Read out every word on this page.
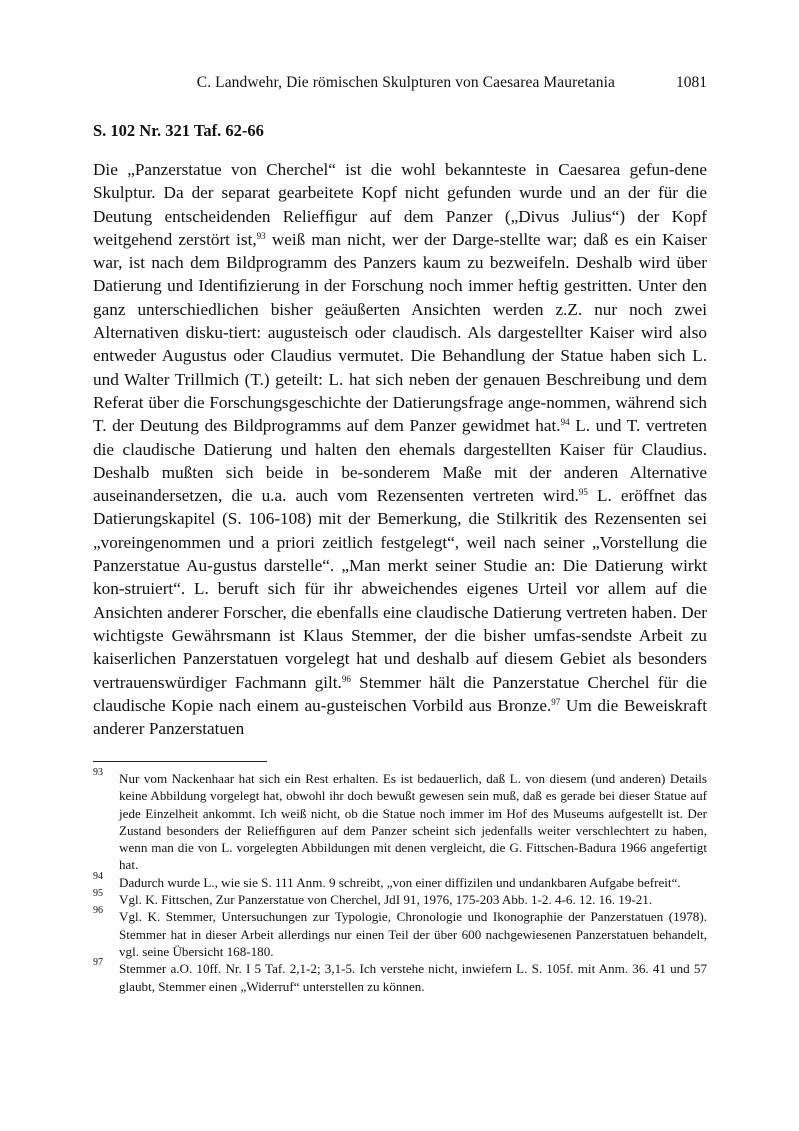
C. Landwehr, Die römischen Skulpturen von Caesarea Mauretania	1081
S. 102 Nr. 321 Taf. 62-66

Die „Panzerstatue von Cherchel“ ist die wohl bekannteste in Caesarea gefun-dene Skulptur. Da der separat gearbeitete Kopf nicht gefunden wurde und an der für die Deutung entscheidenden Reliefﬁgur auf dem Panzer („Divus Julius“) der Kopf weitgehend zerstört ist,$^{93}$ weiß man nicht, wer der Darge-stellte war; daß es ein Kaiser war, ist nach dem Bildprogramm des Panzers kaum zu bezweifeln. Deshalb wird über Datierung und Identiﬁzierung in der Forschung noch immer heftig gestritten. Unter den ganz unterschiedlichen bisher geäußerten Ansichten werden z.Z. nur noch zwei Alternativen disku-tiert: augusteisch oder claudisch. Als dargestellter Kaiser wird also entweder Augustus oder Claudius vermutet. Die Behandlung der Statue haben sich L. und Walter Trillmich (T.) geteilt: L. hat sich neben der genauen Beschreibung und dem Referat über die Forschungsgeschichte der Datierungsfrage ange-nommen, während sich T. der Deutung des Bildprogramms auf dem Panzer gewidmet hat.$^{94}$ L. und T. vertreten die claudische Datierung und halten den ehemals dargestellten Kaiser für Claudius. Deshalb mußten sich beide in be-sonderem Maße mit der anderen Alternative auseinandersetzen, die u.a. auch vom Rezensenten vertreten wird.$^{95}$ L. eröffnet das Datierungskapitel (S. 106-108) mit der Bemerkung, die Stilkritik des Rezensenten sei „voreingenommen und a priori zeitlich festgelegt“, weil nach seiner „Vorstellung die Panzerstatue Au-gustus darstelle“. „Man merkt seiner Studie an: Die Datierung wirkt kon-struiert“. L. beruft sich für ihr abweichendes eigenes Urteil vor allem auf die Ansichten anderer Forscher, die ebenfalls eine claudische Datierung vertreten haben. Der wichtigste Gewährsmann ist Klaus Stemmer, der die bisher umfas-sendste Arbeit zu kaiserlichen Panzerstatuen vorgelegt hat und deshalb auf diesem Gebiet als besonders vertrauenswürdiger Fachmann gilt.$^{96}$ Stemmer hält die Panzerstatue Cherchel für die claudische Kopie nach einem au-gusteischen Vorbild aus Bronze.$^{97}$ Um die Beweiskraft anderer Panzerstatuen

93 Nur vom Nackenhaar hat sich ein Rest erhalten. Es ist bedauerlich, daß L. von diesem (und anderen) Details keine Abbildung vorgelegt hat, obwohl ihr doch bewußt gewesen sein muß, daß es gerade bei dieser Statue auf jede Einzelheit ankommt. Ich weiß nicht, ob die Statue noch immer im Hof des Museums aufgestellt ist. Der Zustand besonders der Reliefﬁguren auf dem Panzer scheint sich jedenfalls weiter verschlechtert zu haben, wenn man die von L. vorgelegten Abbildungen mit denen vergleicht, die G. Fittschen-Badura 1966 angefertigt hat.
94 Dadurch wurde L., wie sie S. 111 Anm. 9 schreibt, „von einer diffizilen und undankbaren Aufgabe befreit“.
95 Vgl. K. Fittschen, Zur Panzerstatue von Cherchel, JdI 91, 1976, 175-203 Abb. 1-2. 4-6. 12. 16. 19-21.
96 Vgl. K. Stemmer, Untersuchungen zur Typologie, Chronologie und Ikonographie der Panzerstatuen (1978). Stemmer hat in dieser Arbeit allerdings nur einen Teil der über 600 nachgewiesenen Panzerstatuen behandelt, vgl. seine Übersicht 168-180.
97 Stemmer a.O. 10ff. Nr. I 5 Taf. 2,1-2; 3,1-5. Ich verstehe nicht, inwiefern L. S. 105f. mit Anm. 36. 41 und 57 glaubt, Stemmer einen „Widerruf“ unterstellen zu können.
